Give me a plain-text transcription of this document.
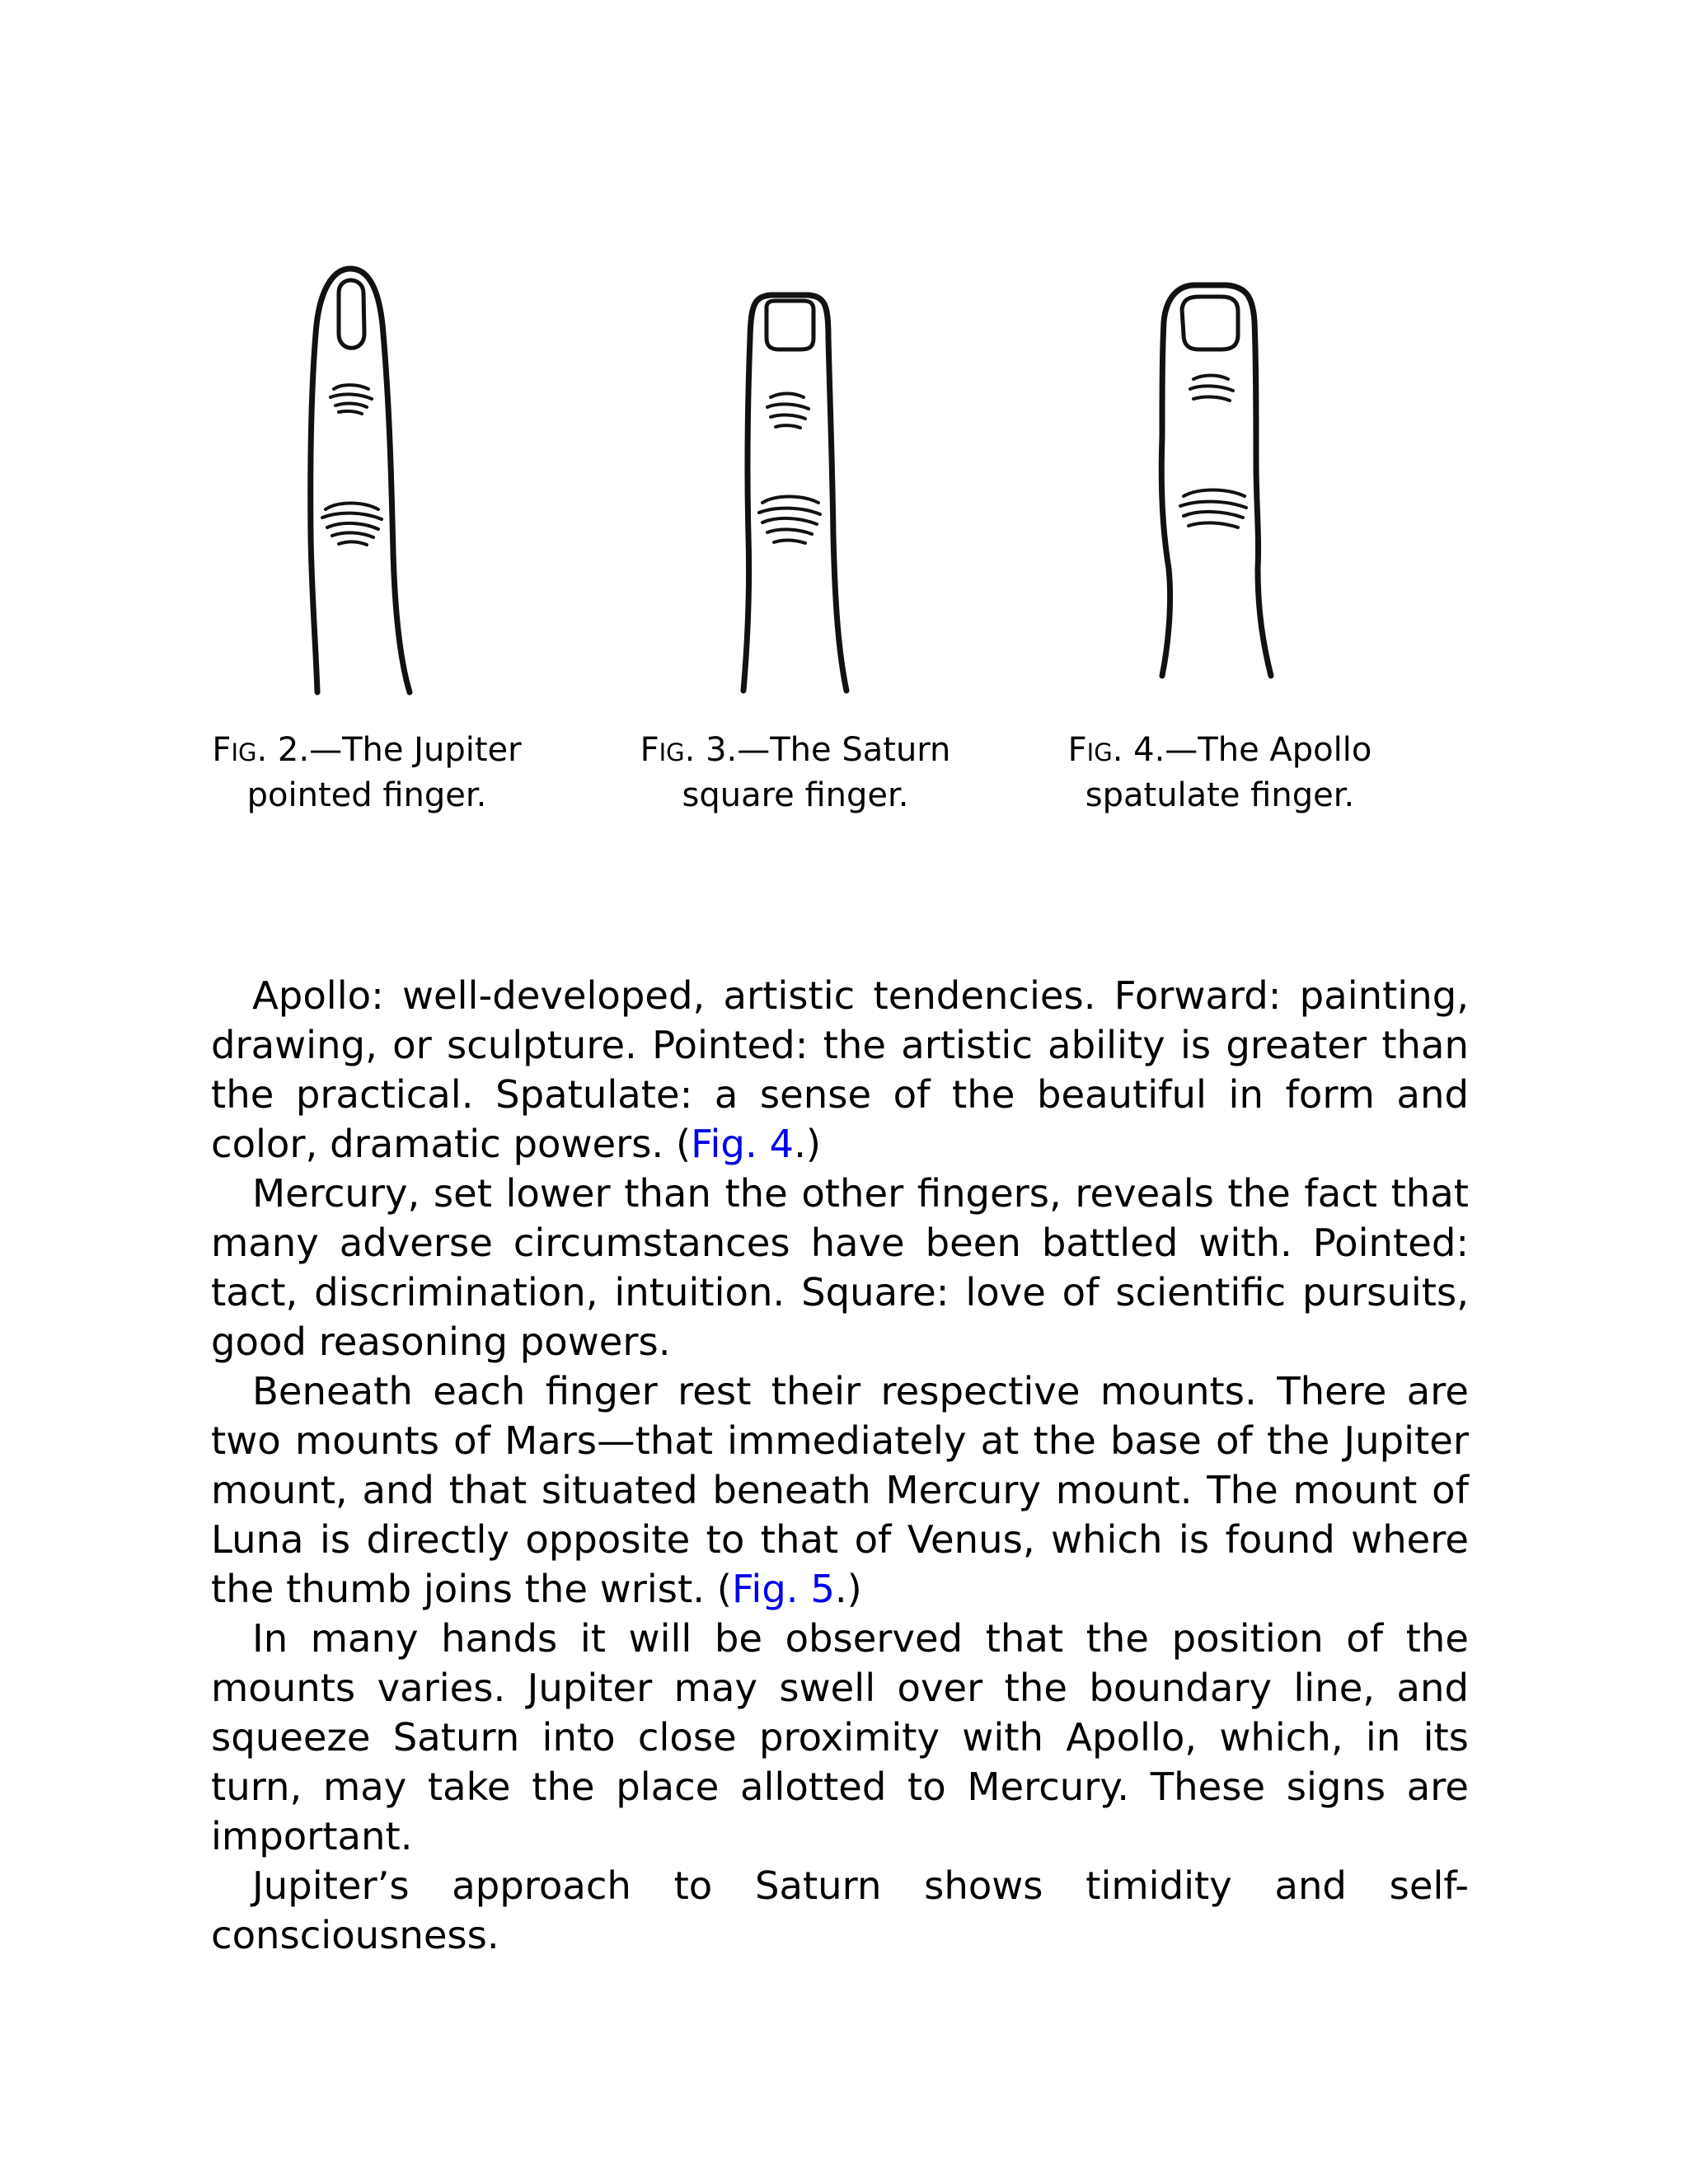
FIG. 2.—The Jupiter
pointed finger.
FIG. 3.—The Saturn
square finger.
FIG. 4.—The Apollo
spatulate finger.

Apollo: well-developed, artistic tendencies. Forward: painting, drawing, or sculpture. Pointed: the artistic ability is greater than the practical. Spatulate: a sense of the beautiful in form and color, dramatic powers. (Fig. 4.)

Mercury, set lower than the other fingers, reveals the fact that many adverse circumstances have been battled with. Pointed: tact, discrimination, intuition. Square: love of scientific pursuits, good reasoning powers.

Beneath each finger rest their respective mounts. There are two mounts of Mars—that immediately at the base of the Jupiter mount, and that situated beneath Mercury mount. The mount of Luna is directly opposite to that of Venus, which is found where the thumb joins the wrist. (Fig. 5.)

In many hands it will be observed that the position of the mounts varies. Jupiter may swell over the boundary line, and squeeze Saturn into close proximity with Apollo, which, in its turn, may take the place allotted to Mercury. These signs are important.

Jupiter’s approach to Saturn shows timidity and self-consciousness.
